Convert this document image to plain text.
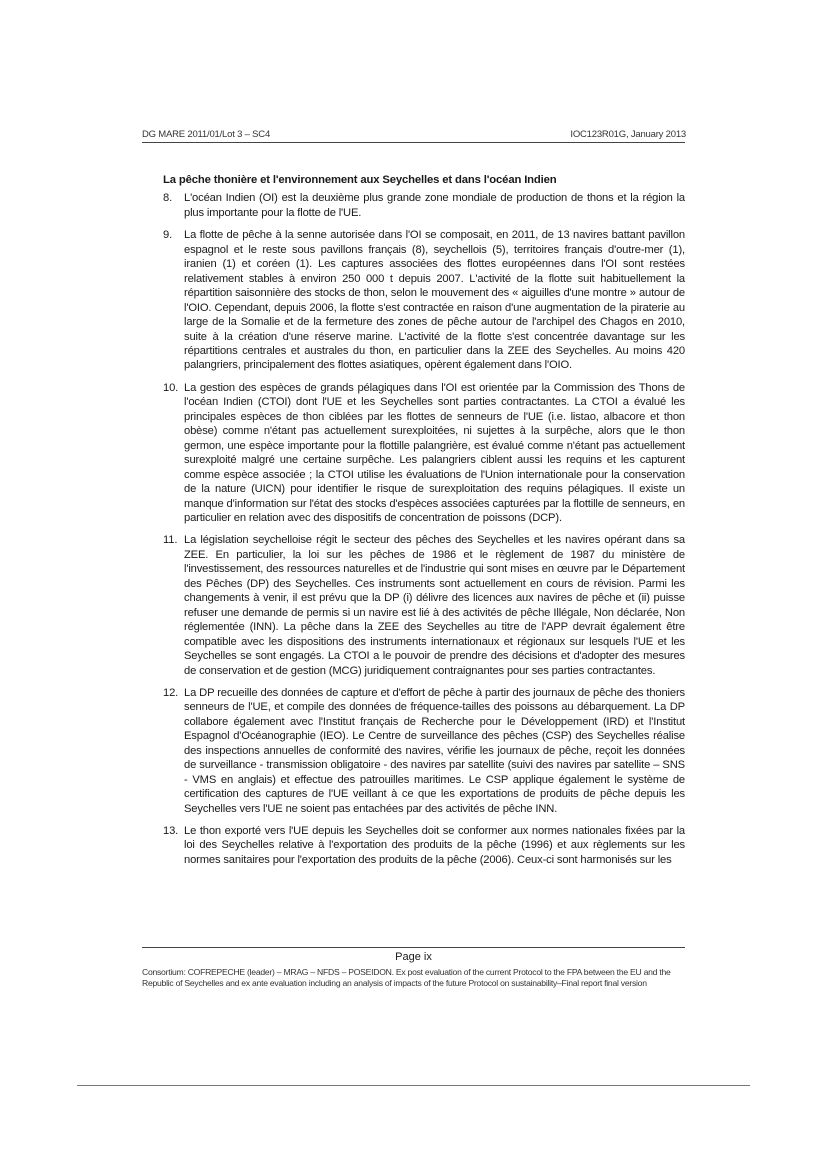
DG MARE 2011/01/Lot 3 – SC4	IOC123R01G, January 2013
La pêche thonière et l'environnement aux Seychelles et dans l'océan Indien
8. L'océan Indien (OI) est la deuxième plus grande zone mondiale de production de thons et la région la plus importante pour la flotte de l'UE.
9. La flotte de pêche à la senne autorisée dans l'OI se composait, en 2011, de 13 navires battant pavillon espagnol et le reste sous pavillons français (8), seychellois (5), territoires français d'outre-mer (1), iranien (1) et coréen (1). Les captures associées des flottes européennes dans l'OI sont restées relativement stables à environ 250 000 t depuis 2007. L'activité de la flotte suit habituellement la répartition saisonnière des stocks de thon, selon le mouvement des « aiguilles d'une montre » autour de l'OIO. Cependant, depuis 2006, la flotte s'est contractée en raison d'une augmentation de la piraterie au large de la Somalie et de la fermeture des zones de pêche autour de l'archipel des Chagos en 2010, suite à la création d'une réserve marine. L'activité de la flotte s'est concentrée davantage sur les répartitions centrales et australes du thon, en particulier dans la ZEE des Seychelles. Au moins 420 palangriers, principalement des flottes asiatiques, opèrent également dans l'OIO.
10. La gestion des espèces de grands pélagiques dans l'OI est orientée par la Commission des Thons de l'océan Indien (CTOI) dont l'UE et les Seychelles sont parties contractantes. La CTOI a évalué les principales espèces de thon ciblées par les flottes de senneurs de l'UE (i.e. listao, albacore et thon obèse) comme n'étant pas actuellement surexploitées, ni sujettes à la surpêche, alors que le thon germon, une espèce importante pour la flottille palangrière, est évalué comme n'étant pas actuellement surexploité malgré une certaine surpêche. Les palangriers ciblent aussi les requins et les capturent comme espèce associée ; la CTOI utilise les évaluations de l'Union internationale pour la conservation de la nature (UICN) pour identifier le risque de surexploitation des requins pélagiques. Il existe un manque d'information sur l'état des stocks d'espèces associées capturées par la flottille de senneurs, en particulier en relation avec des dispositifs de concentration de poissons (DCP).
11. La législation seychelloise régit le secteur des pêches des Seychelles et les navires opérant dans sa ZEE. En particulier, la loi sur les pêches de 1986 et le règlement de 1987 du ministère de l'investissement, des ressources naturelles et de l'industrie qui sont mises en œuvre par le Département des Pêches (DP) des Seychelles. Ces instruments sont actuellement en cours de révision. Parmi les changements à venir, il est prévu que la DP (i) délivre des licences aux navires de pêche et (ii) puisse refuser une demande de permis si un navire est lié à des activités de pêche Illégale, Non déclarée, Non réglementée (INN). La pêche dans la ZEE des Seychelles au titre de l'APP devrait également être compatible avec les dispositions des instruments internationaux et régionaux sur lesquels l'UE et les Seychelles se sont engagés. La CTOI a le pouvoir de prendre des décisions et d'adopter des mesures de conservation et de gestion (MCG) juridiquement contraignantes pour ses parties contractantes.
12. La DP recueille des données de capture et d'effort de pêche à partir des journaux de pêche des thoniers senneurs de l'UE, et compile des données de fréquence-tailles des poissons au débarquement. La DP collabore également avec l'Institut français de Recherche pour le Développement (IRD) et l'Institut Espagnol d'Océanographie (IEO). Le Centre de surveillance des pêches (CSP) des Seychelles réalise des inspections annuelles de conformité des navires, vérifie les journaux de pêche, reçoit les données de surveillance - transmission obligatoire - des navires par satellite (suivi des navires par satellite – SNS - VMS en anglais) et effectue des patrouilles maritimes. Le CSP applique également le système de certification des captures de l'UE veillant à ce que les exportations de produits de pêche depuis les Seychelles vers l'UE ne soient pas entachées par des activités de pêche INN.
13. Le thon exporté vers l'UE depuis les Seychelles doit se conformer aux normes nationales fixées par la loi des Seychelles relative à l'exportation des produits de la pêche (1996) et aux règlements sur les normes sanitaires pour l'exportation des produits de la pêche (2006). Ceux-ci sont harmonisés sur les
Page ix
Consortium: COFREPECHE (leader) – MRAG – NFDS – POSEIDON. Ex post evaluation of the current Protocol to the FPA between the EU and the Republic of Seychelles and ex ante evaluation including an analysis of impacts of the future Protocol on sustainability–Final report final version
